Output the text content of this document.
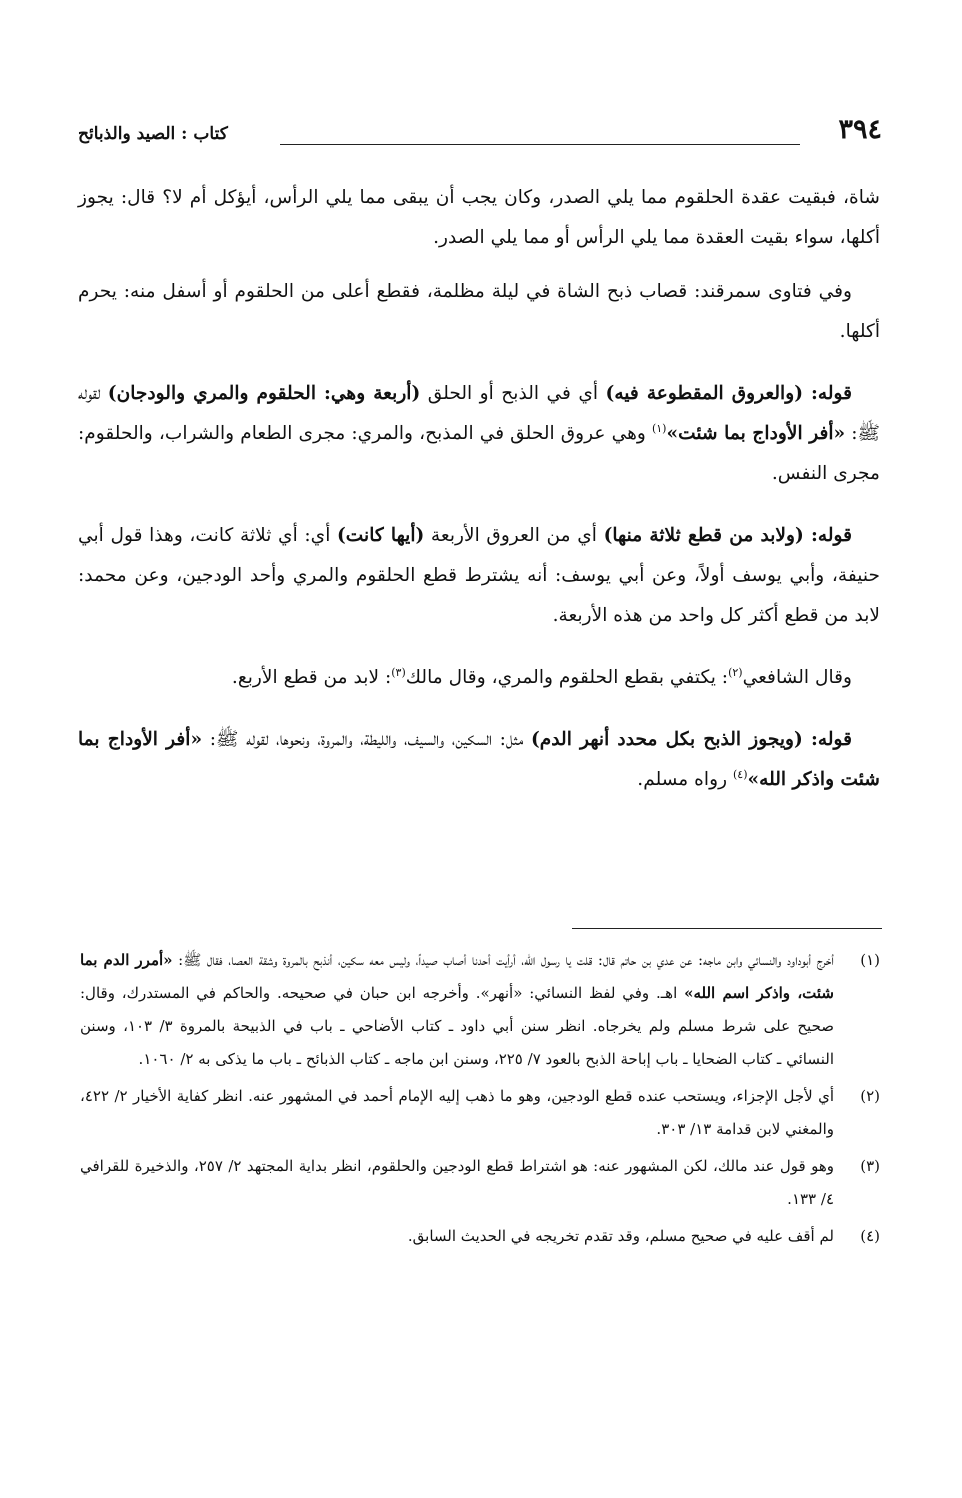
٣٩٤
كتاب : الصيد والذبائح

شاة، فبقيت عقدة الحلقوم مما يلي الصدر، وكان يجب أن يبقى مما يلي الرأس، أيؤكل أم لا؟ قال: يجوز أكلها، سواء بقيت العقدة مما يلي الرأس أو مما يلي الصدر.

وفي فتاوى سمرقند: قصاب ذبح الشاة في ليلة مظلمة، فقطع أعلى من الحلقوم أو أسفل منه: يحرم أكلها.

قوله: (والعروق المقطوعة فيه) أي في الذبح أو الحلق (أربعة وهي: الحلقوم والمري والودجان) لقوله ﷺ: «أفر الأوداج بما شئت»$^{(١)}$ وهي عروق الحلق في المذبح، والمري: مجرى الطعام والشراب، والحلقوم: مجرى النفس.

قوله: (ولابد من قطع ثلاثة منها) أي من العروق الأربعة (أيها كانت) أي: أي ثلاثة كانت، وهذا قول أبي حنيفة، وأبي يوسف أولاً، وعن أبي يوسف: أنه يشترط قطع الحلقوم والمري وأحد الودجين، وعن محمد: لابد من قطع أكثر كل واحد من هذه الأربعة.

وقال الشافعي$^{(٢)}$: يكتفي بقطع الحلقوم والمري، وقال مالك$^{(٣)}$: لابد من قطع الأربع.

قوله: (ويجوز الذبح بكل محدد أنهر الدم) مثل: السكين، والسيف، والليطة، والمروة، ونحوها، لقوله ﷺ: «أفر الأوداج بما شئت واذكر الله»$^{(٤)}$ رواه مسلم.

(١)
أخرج أبوداود والنسائي وابن ماجه: عن عدي بن حاتم قال: قلت يا رسول الله، أرأيت أحدنا أصاب صيداً، وليس معه سكين، أنذبح بالمروة وشقة العصا، فقال ﷺ: «أمرر الدم بما شئت، واذكر اسم الله» اهـ. وفي لفظ النسائي: «أنهر». وأخرجه ابن حبان في صحيحه. والحاكم في المستدرك، وقال: صحيح على شرط مسلم ولم يخرجاه. انظر سنن أبي داود ـ كتاب الأضاحي ـ باب في الذبيحة بالمروة ٣/ ١٠٣، وسنن النسائي ـ كتاب الضحايا ـ باب إباحة الذبح بالعود ٧/ ٢٢٥، وسنن ابن ماجه ـ كتاب الذبائح ـ باب ما يذكى به ٢/ ١٠٦٠.
(٢)
أي لأجل الإجزاء، ويستحب عنده قطع الودجين، وهو ما ذهب إليه الإمام أحمد في المشهور عنه. انظر كفاية الأخيار ٢/ ٤٢٢، والمغني لابن قدامة ١٣/ ٣٠٣.
(٣)
وهو قول عند مالك، لكن المشهور عنه: هو اشتراط قطع الودجين والحلقوم، انظر بداية المجتهد ٢/ ٢٥٧، والذخيرة للقرافي ٤/ ١٣٣.
(٤)
لم أقف عليه في صحيح مسلم، وقد تقدم تخريجه في الحديث السابق.
